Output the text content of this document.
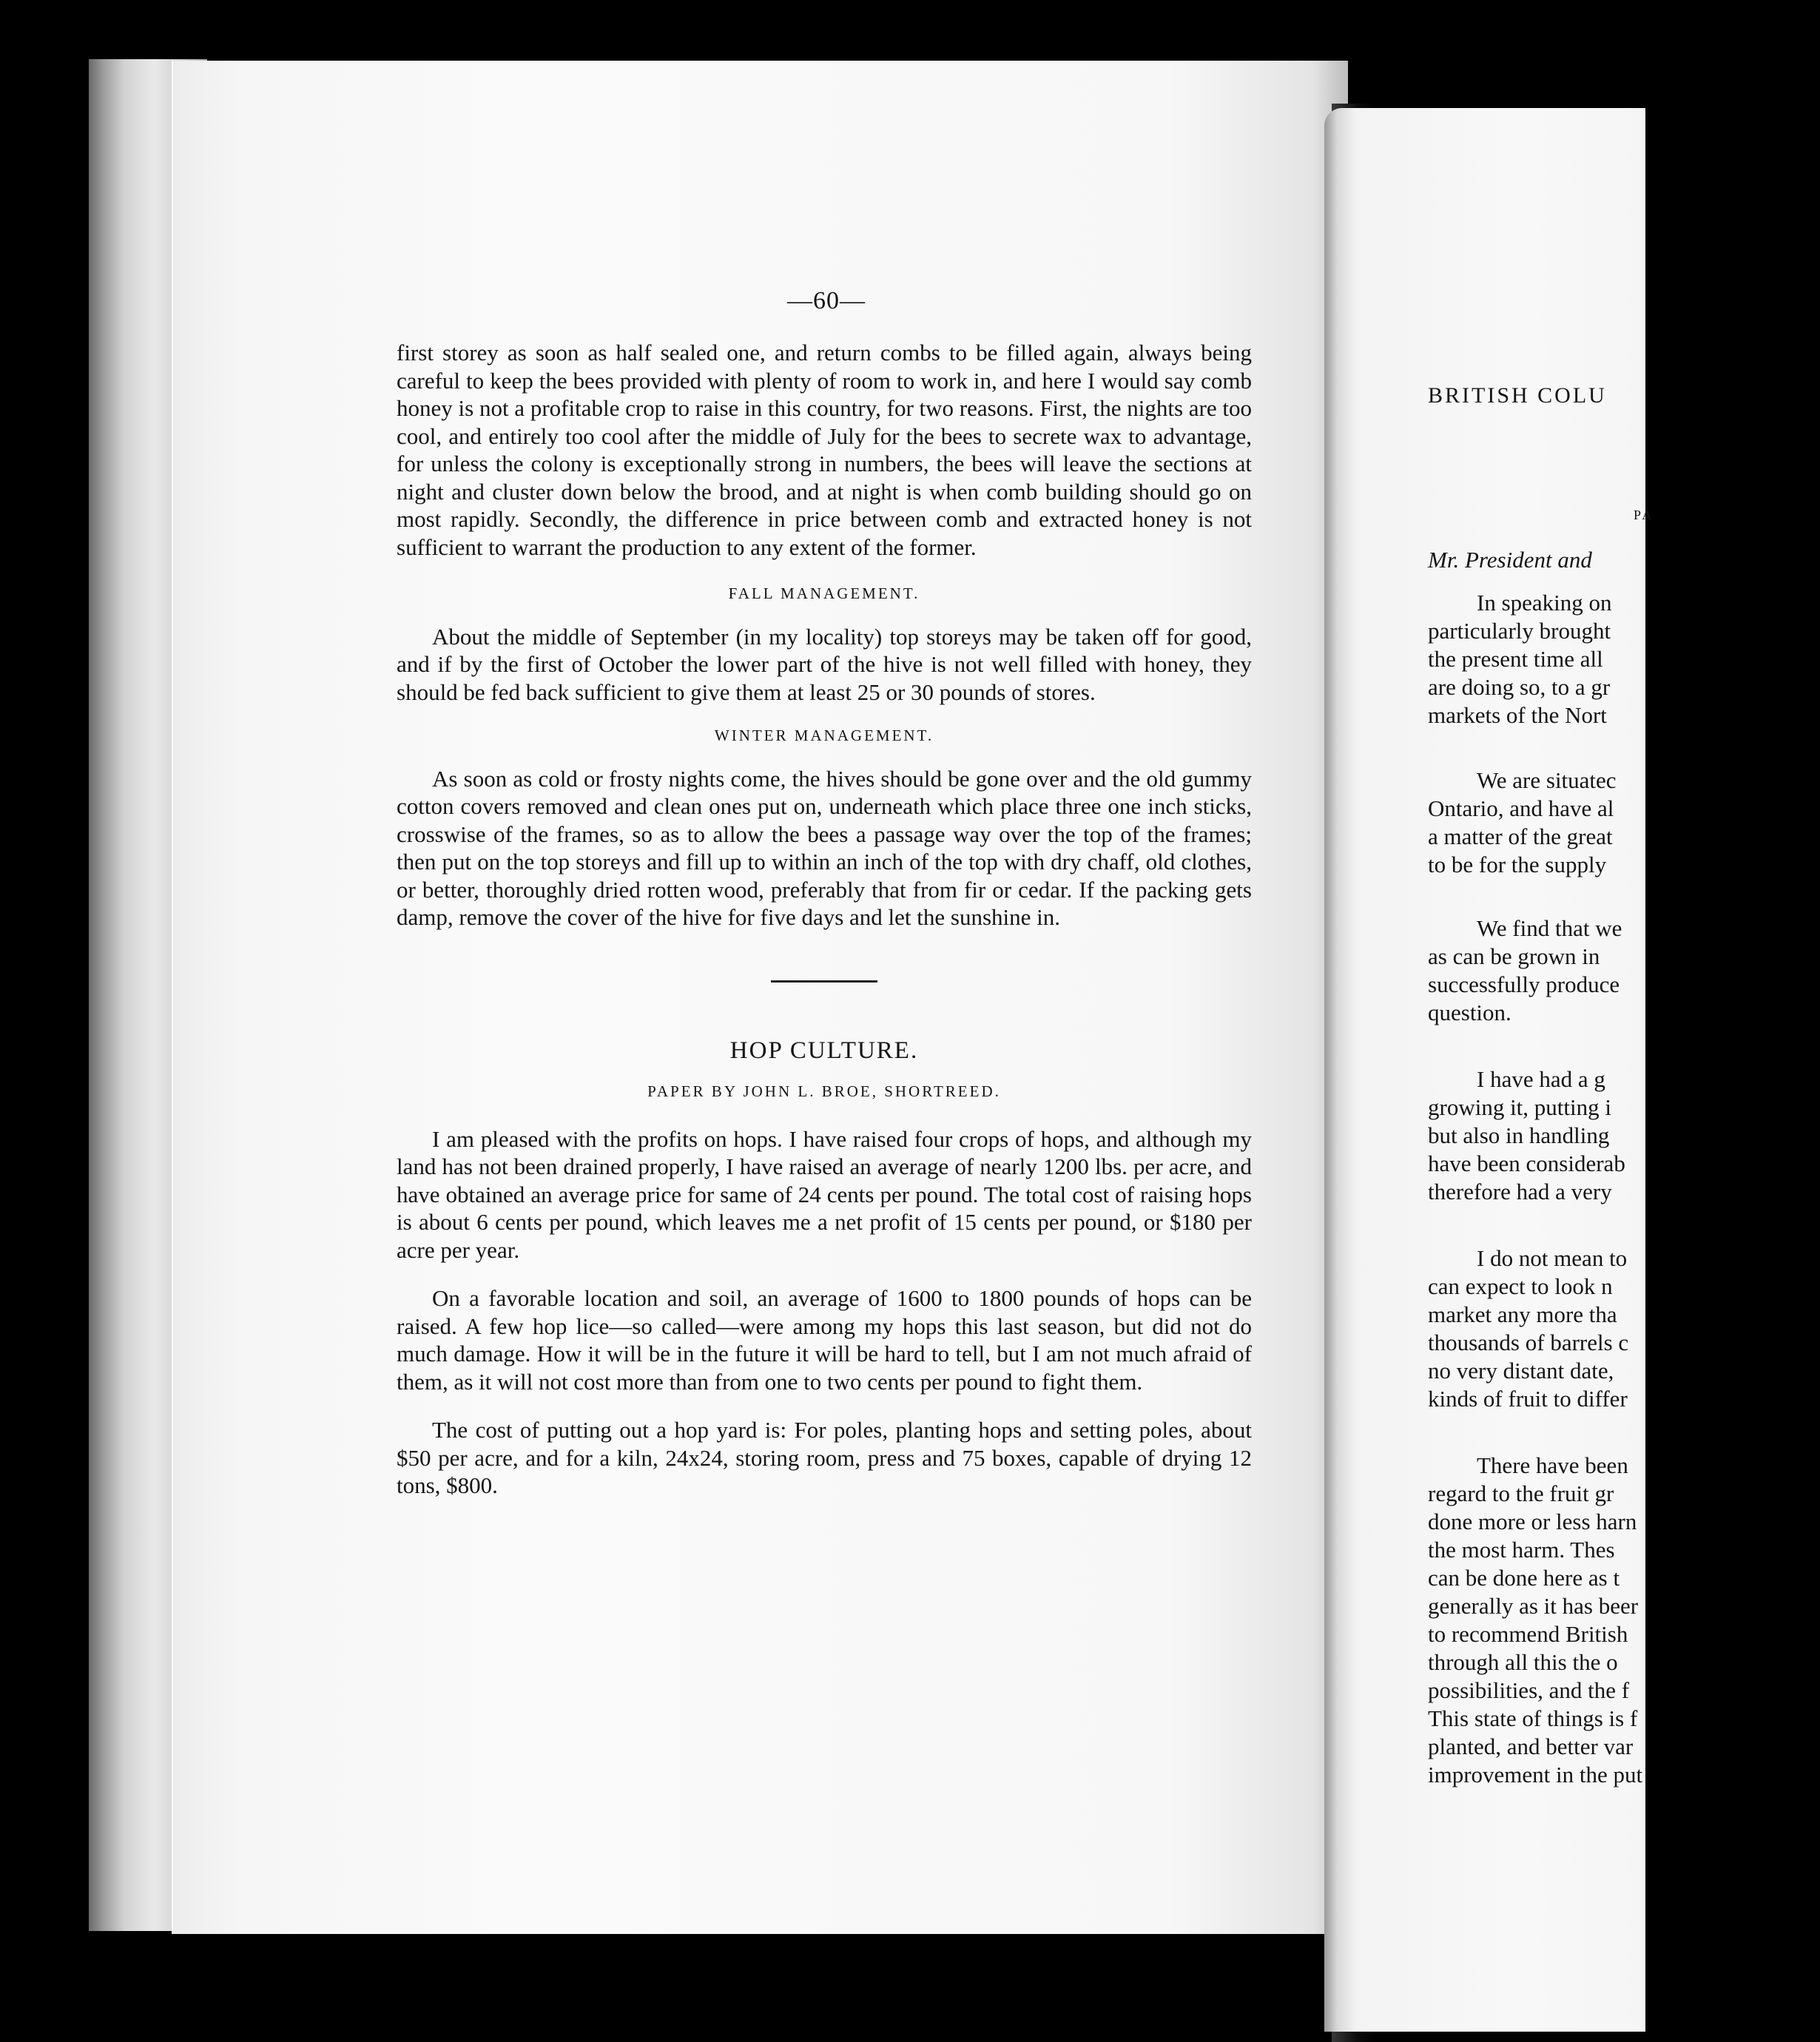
—60—

first storey as soon as half sealed one, and return combs to be filled again, always being careful to keep the bees provided with plenty of room to work in, and here I would say comb honey is not a profitable crop to raise in this country, for two reasons. First, the nights are too cool, and entirely too cool after the middle of July for the bees to secrete wax to advantage, for unless the colony is exceptionally strong in numbers, the bees will leave the sections at night and cluster down below the brood, and at night is when comb building should go on most rapidly. Secondly, the difference in price between comb and extracted honey is not sufficient to warrant the production to any extent of the former.

FALL MANAGEMENT.

About the middle of September (in my locality) top storeys may be taken off for good, and if by the first of October the lower part of the hive is not well filled with honey, they should be fed back sufficient to give them at least 25 or 30 pounds of stores.

WINTER MANAGEMENT.

As soon as cold or frosty nights come, the hives should be gone over and the old gummy cotton covers removed and clean ones put on, underneath which place three one inch sticks, crosswise of the frames, so as to allow the bees a passage way over the top of the frames; then put on the top storeys and fill up to within an inch of the top with dry chaff, old clothes, or better, thoroughly dried rotten wood, preferably that from fir or cedar. If the packing gets damp, remove the cover of the hive for five days and let the sunshine in.

HOP CULTURE.

PAPER BY JOHN L. BROE, SHORTREED.

I am pleased with the profits on hops. I have raised four crops of hops, and although my land has not been drained properly, I have raised an average of nearly 1200 lbs. per acre, and have obtained an average price for same of 24 cents per pound. The total cost of raising hops is about 6 cents per pound, which leaves me a net profit of 15 cents per pound, or $180 per acre per year.

On a favorable location and soil, an average of 1600 to 1800 pounds of hops can be raised. A few hop lice—so called—were among my hops this last season, but did not do much damage. How it will be in the future it will be hard to tell, but I am not much afraid of them, as it will not cost more than from one to two cents per pound to fight them.

The cost of putting out a hop yard is: For poles, planting hops and setting poles, about $50 per acre, and for a kiln, 24x24, storing room, press and 75 boxes, capable of drying 12 tons, $800.

BRITISH COLU
PA
Mr. President and
In speaking on
particularly brought
the present time all
are doing so, to a gr
markets of the Nort
We are situatec
Ontario, and have al
a matter of the great
to be for the supply
We find that we
as can be grown in
successfully produce
question.
I have had a g
growing it, putting i
but also in handling
have been considerab
therefore had a very
I do not mean to
can expect to look n
market any more tha
thousands of barrels c
no very distant date,
kinds of fruit to differ
There have been
regard to the fruit gr
done more or less harn
the most harm. Thes
can be done here as t
generally as it has beer
to recommend British
through all this the o
possibilities, and the f
This state of things is f
planted, and better var
improvement in the put
